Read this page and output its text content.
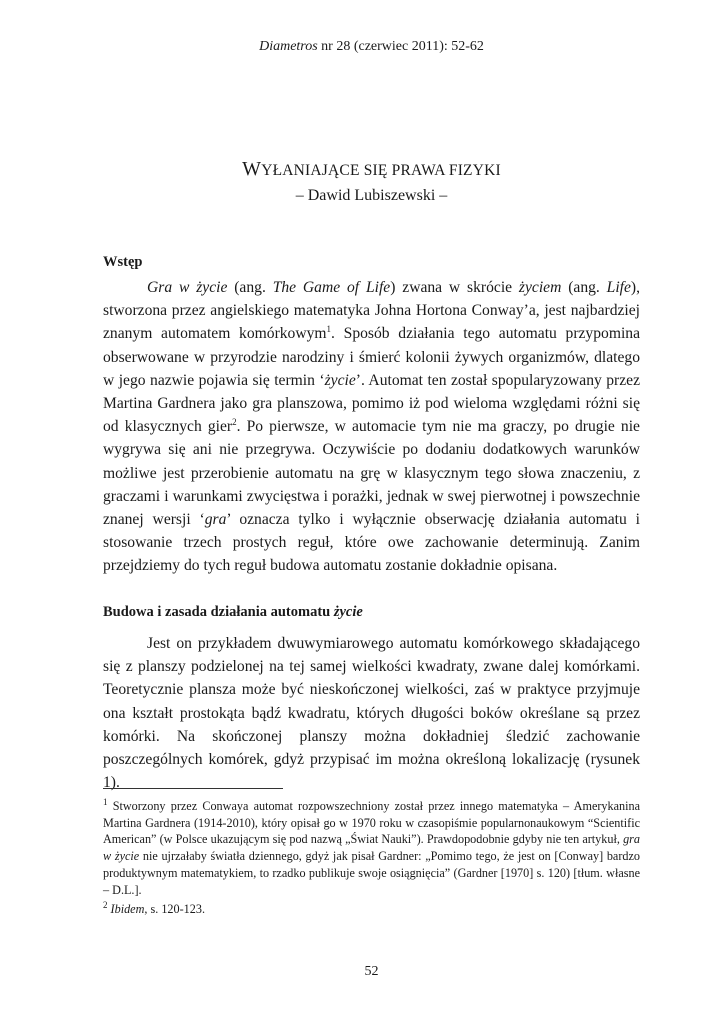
Diametros nr 28 (czerwiec 2011): 52-62
WYŁANIAJĄCE SIĘ PRAWA FIZYKI
– Dawid Lubiszewski –
Wstęp

Gra w życie (ang. The Game of Life) zwana w skrócie życiem (ang. Life), stworzona przez angielskiego matematyka Johna Hortona Conway’a, jest najbardziej znanym automatem komórkowym$^1$. Sposób działania tego automatu przypomina obserwowane w przyrodzie narodziny i śmierć kolonii żywych organizmów, dlatego w jego nazwie pojawia się termin ‘życie’. Automat ten został spopularyzowany przez Martina Gardnera jako gra planszowa, pomimo iż pod wieloma względami różni się od klasycznych gier$^2$. Po pierwsze, w automacie tym nie ma graczy, po drugie nie wygrywa się ani nie przegrywa. Oczywiście po dodaniu dodatkowych warunków możliwe jest przerobienie automatu na grę w klasycznym tego słowa znaczeniu, z graczami i warunkami zwycięstwa i porażki, jednak w swej pierwotnej i powszechnie znanej wersji ‘gra’ oznacza tylko i wyłącznie obserwację działania automatu i stosowanie trzech prostych reguł, które owe zachowanie determinują. Zanim przejdziemy do tych reguł budowa automatu zostanie dokładnie opisana.

Budowa i zasada działania automatu życie

Jest on przykładem dwuwymiarowego automatu komórkowego składającego się z planszy podzielonej na tej samej wielkości kwadraty, zwane dalej komórkami. Teoretycznie plansza może być nieskończonej wielkości, zaś w praktyce przyjmuje ona kształt prostokąta bądź kwadratu, których długości boków określane są przez komórki. Na skończonej planszy można dokładniej śledzić zachowanie poszczególnych komórek, gdyż przypisać im można określoną lokalizację (rysunek 1).

$^1$ Stworzony przez Conwaya automat rozpowszechniony został przez innego matematyka – Amerykanina Martina Gardnera (1914-2010), który opisał go w 1970 roku w czasopiśmie popularnonaukowym “Scientific American” (w Polsce ukazującym się pod nazwą „Świat Nauki”). Prawdopodobnie gdyby nie ten artykuł, gra w życie nie ujrzałaby światła dziennego, gdyż jak pisał Gardner: „Pomimo tego, że jest on [Conway] bardzo produktywnym matematykiem, to rzadko publikuje swoje osiągnięcia” (Gardner [1970] s. 120) [tłum. własne – D.L.].

$^2$ Ibidem, s. 120-123.

52
